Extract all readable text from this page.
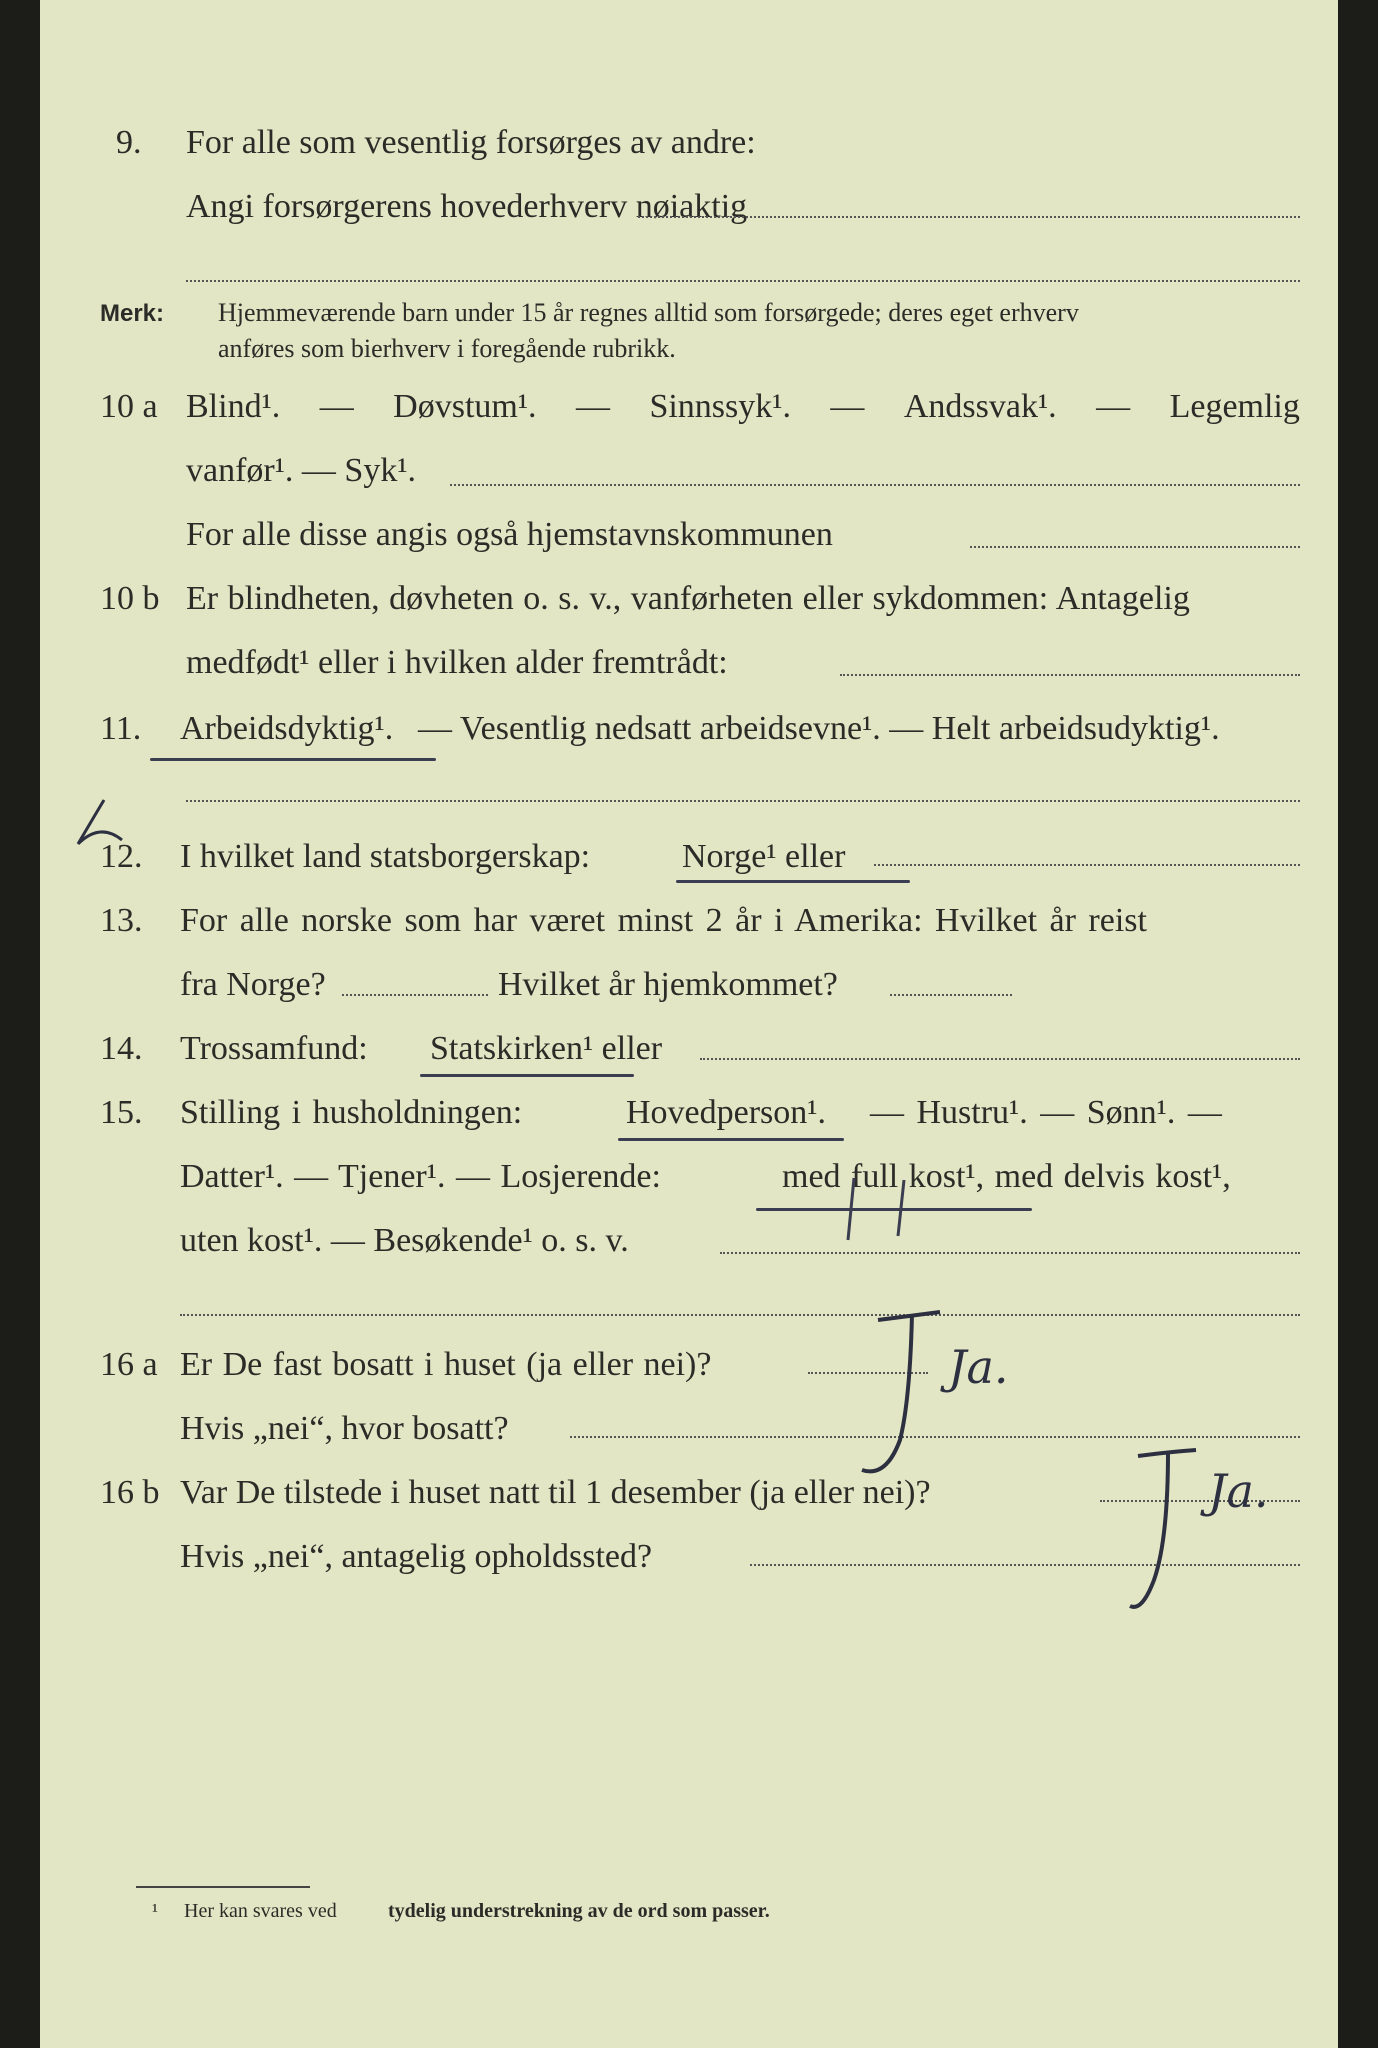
9. For alle som vesentlig forsørges av andre:
Angi forsørgerens hovederhverv nøiaktig
Merk: Hjemmeværende barn under 15 år regnes alltid som forsørgede; deres eget erhverv
anføres som bierhverv i foregående rubrikk.
10 a Blind¹. — Døvstum¹. — Sinnssyk¹. — Andssvak¹. — Legemlig
vanfør¹. — Syk¹.
For alle disse angis også hjemstavnskommunen
10 b Er blindheten, døvheten o. s. v., vanførheten eller sykdommen: Antagelig
medfødt¹ eller i hvilken alder fremtrådt:
11. Arbeidsdyktig¹. — Vesentlig nedsatt arbeidsevne¹. — Helt arbeidsudyktig¹.
12. I hvilket land statsborgerskap:	Norge¹ eller
13. For alle norske som har været minst 2 år i Amerika: Hvilket år reist
fra Norge?	Hvilket år hjemkommet?
14. Trossamfund: Statskirken¹ eller
15. Stilling i husholdningen:	Hovedperson¹. — Hustru¹. — Sønn¹. —
Datter¹. — Tjener¹. — Losjerende:	med full kost¹, med delvis kost¹,
uten kost¹. — Besøkende¹ o. s. v.
16 a Er De fast bosatt i huset (ja eller nei)?
Hvis „nei“, hvor bosatt?
16 b Var De tilstede i huset natt til 1 desember (ja eller nei)?
Hvis „nei“, antagelig opholdssted?
Ja.
Ja.
¹ Her kan svares ved	tydelig understrekning av de ord som passer.
